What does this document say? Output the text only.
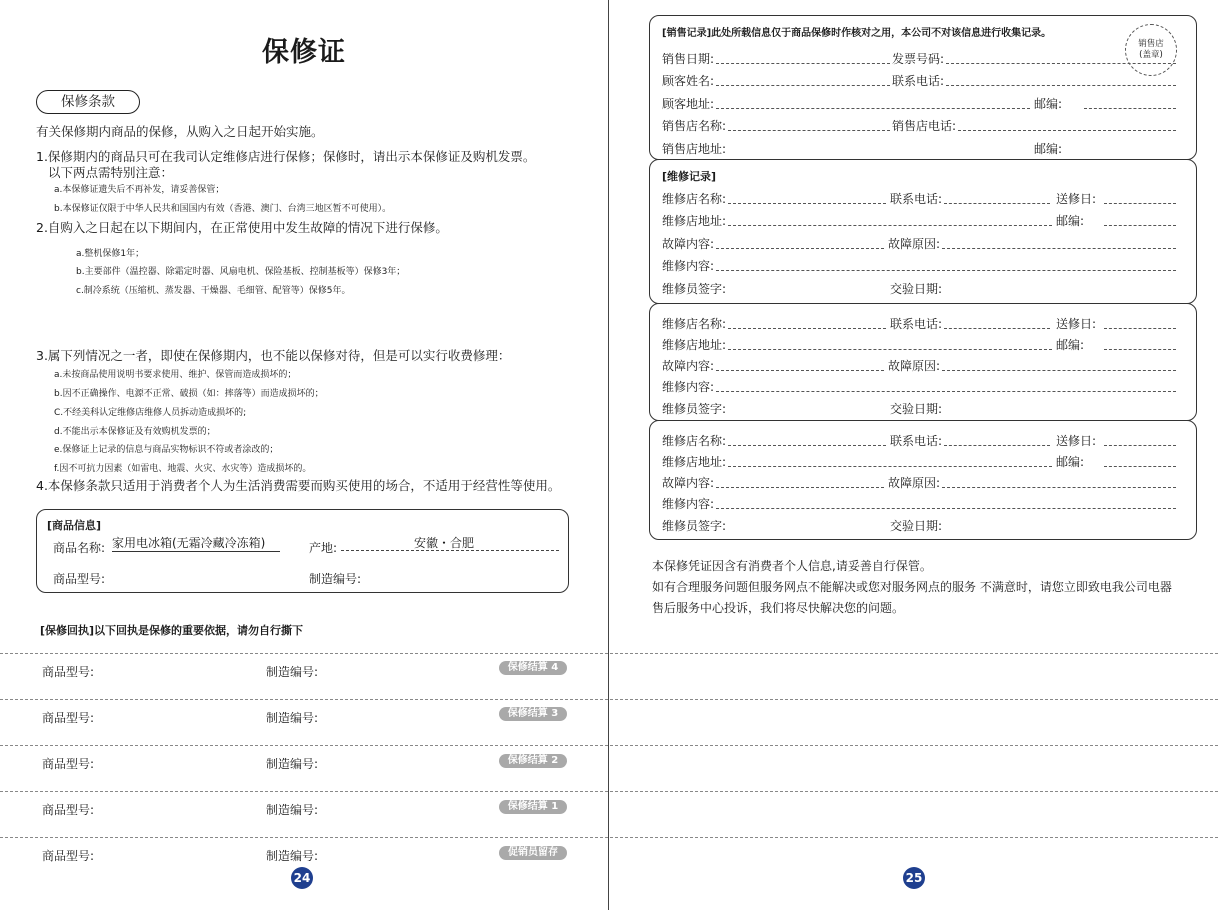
保修证
保修条款
有关保修期内商品的保修，从购入之日起开始实施。
1.保修期内的商品只可在我司认定维修店进行保修；保修时，请出示本保修证及购机发票。
以下两点需特别注意：
a.本保修证遗失后不再补发，请妥善保管；
b.本保修证仅限于中华人民共和国国内有效（香港、澳门、台湾三地区暂不可使用）。
2.自购入之日起在以下期间内，在正常使用中发生故障的情况下进行保修。
a.整机保修1年；
b.主要部件（温控器、除霜定时器、风扇电机、保险基板、控制基板等）保修3年；
c.制冷系统（压缩机、蒸发器、干燥器、毛细管、配管等）保修5年。
3.属下列情况之一者，即使在保修期内，也不能以保修对待，但是可以实行收费修理：
a.未按商品使用说明书要求使用、维护、保管而造成损坏的；
b.因不正确操作、电源不正常、破损（如：摔落等）而造成损坏的；
C.不经美科认定维修店维修人员拆动造成损坏的;
d.不能出示本保修证及有效购机发票的；
e.保修证上记录的信息与商品实物标识不符或者涂改的；
f.因不可抗力因素（如雷电、地震、火灾、水灾等）造成损坏的。
4.本保修条款只适用于消费者个人为生活消费需要而购买使用的场合，不适用于经营性等使用。
[商品信息]
商品名称: 家用电冰箱(无霜冷藏冷冻箱)	产地:	安徽・合肥
商品型号:	制造编号:
[保修回执]以下回执是保修的重要依据，请勿自行撕下
商品型号:	制造编号:	保修结算 4
商品型号:	制造编号:	保修结算 3
商品型号:	制造编号:	保修结算 2
商品型号:	制造编号:	保修结算 1
商品型号:	制造编号:	促销员留存
24
[销售记录]此处所载信息仅于商品保修时作核对之用，本公司不对该信息进行收集记录。
销售店
(盖章)
销售日期:	发票号码:
顾客姓名:	联系电话:
顾客地址:	邮编:
销售店名称:	销售店电话:
销售店地址:	邮编:
[维修记录]
维修店名称:	联系电话:	送修日:
维修店地址:	邮编:
故障内容:	故障原因:
维修内容:
维修员签字:	交验日期:
维修店名称:	联系电话:	送修日:
维修店地址:	邮编:
故障内容:	故障原因:
维修内容:
维修员签字:	交验日期:
维修店名称:	联系电话:	送修日:
维修店地址:	邮编:
故障内容:	故障原因:
维修内容:
维修员签字:	交验日期:
本保修凭证因含有消费者个人信息,请妥善自行保管。
如有合理服务问题但服务网点不能解决或您对服务网点的服务 不满意时，请您立即致电我公司电器售后服务中心投诉，我们将尽快解决您的问题。
25
